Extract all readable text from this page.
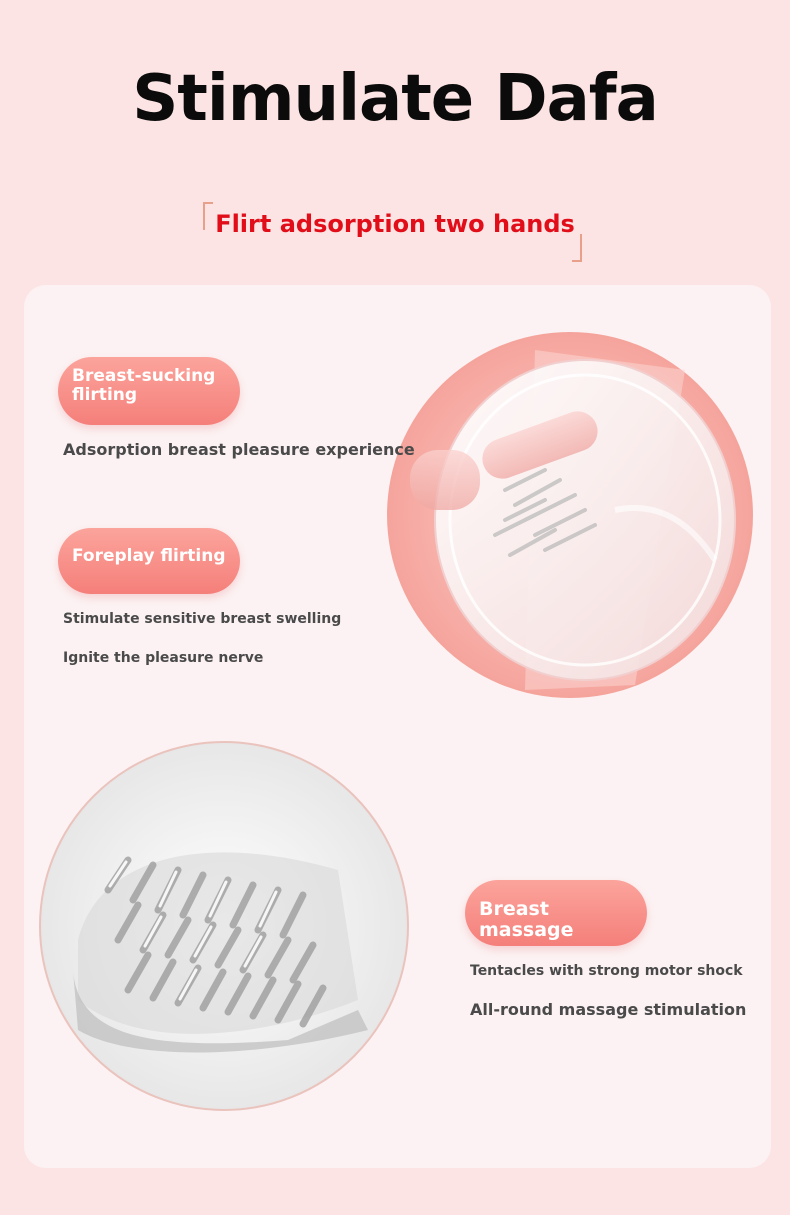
Stimulate Dafa
Flirt adsorption two hands
Breast-sucking flirting
Adsorption breast pleasure experience
Foreplay flirting
Stimulate sensitive breast swelling
Ignite the pleasure nerve
Breast massage
Tentacles with strong motor shock
All-round massage stimulation
